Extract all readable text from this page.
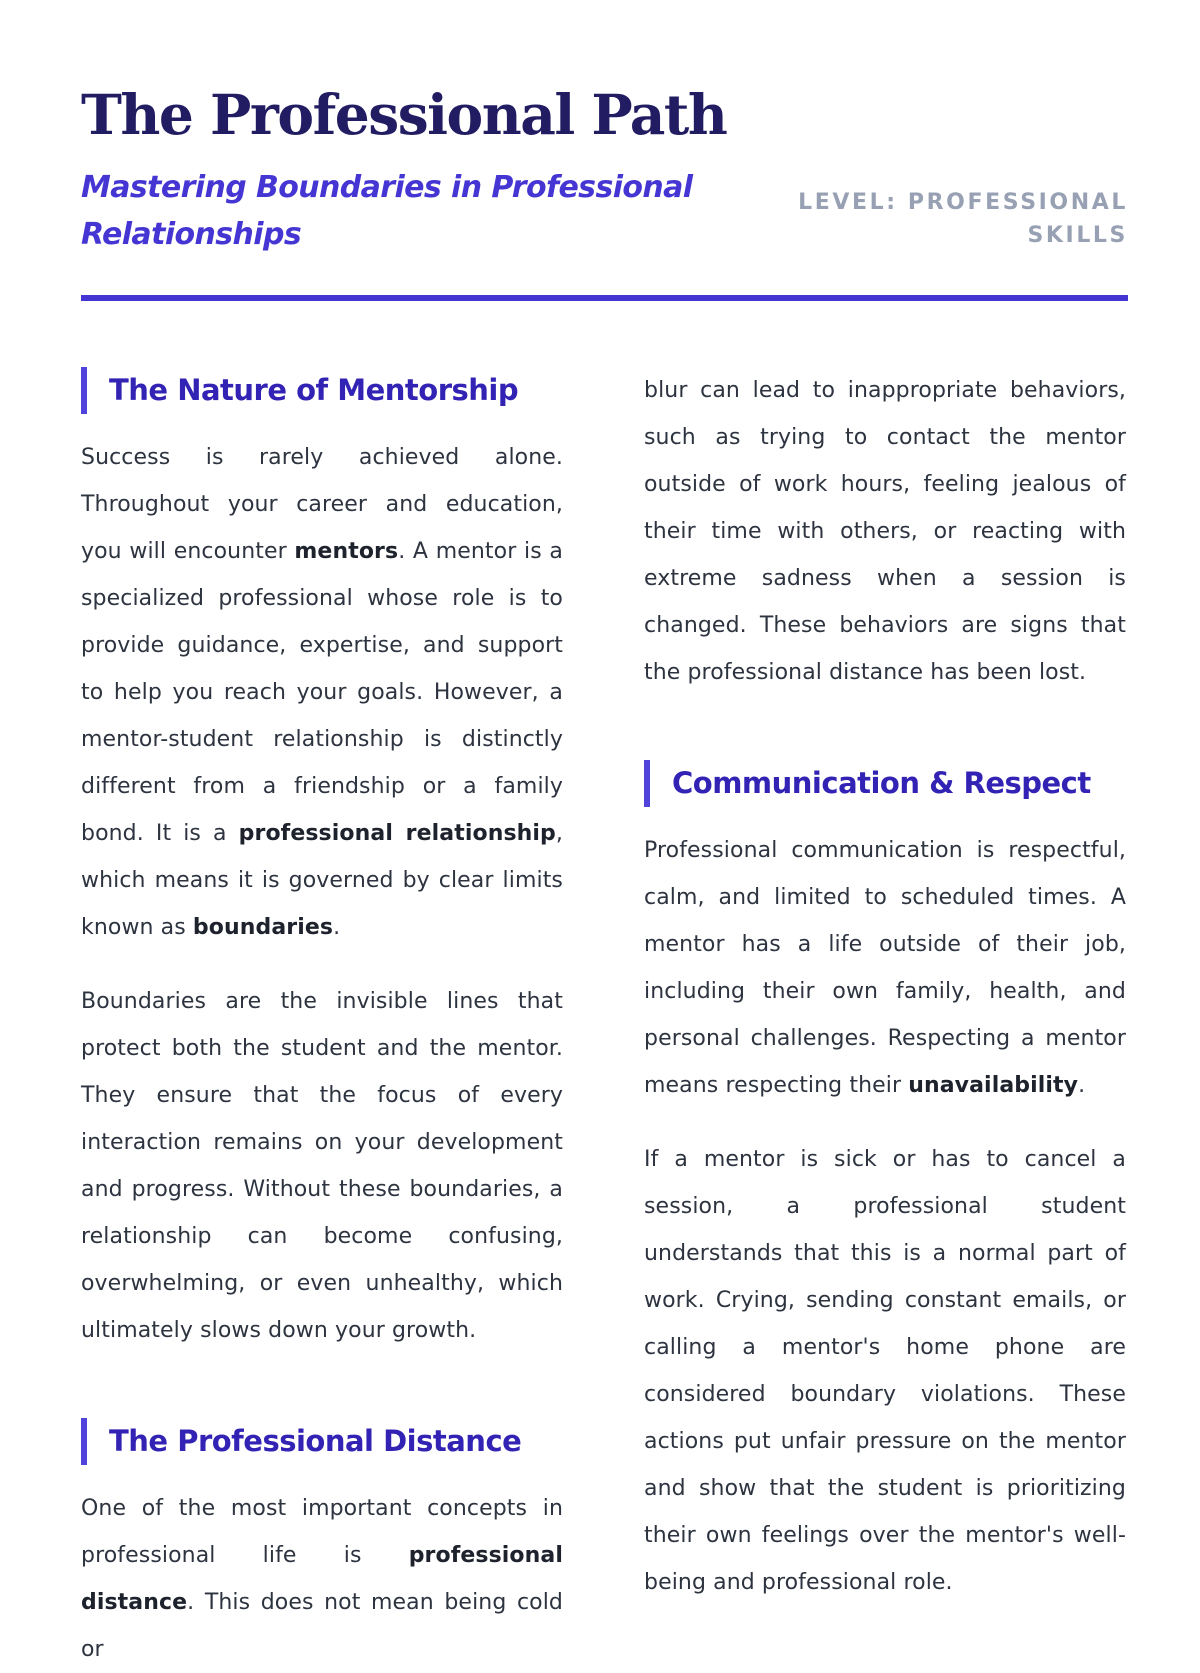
The Professional Path
Mastering Boundaries in Professional Relationships
LEVEL: PROFESSIONAL SKILLS
The Nature of Mentorship

Success is rarely achieved alone. Throughout your career and education, you will encounter mentors. A mentor is a specialized professional whose role is to provide guidance, expertise, and support to help you reach your goals. However, a mentor-student relationship is distinctly different from a friendship or a family bond. It is a professional relationship, which means it is governed by clear limits known as boundaries.

Boundaries are the invisible lines that protect both the student and the mentor. They ensure that the focus of every interaction remains on your development and progress. Without these boundaries, a relationship can become confusing, overwhelming, or even unhealthy, which ultimately slows down your growth.

The Professional Distance

One of the most important concepts in professional life is professional distance. This does not mean being cold or

blur can lead to inappropriate behaviors, such as trying to contact the mentor outside of work hours, feeling jealous of their time with others, or reacting with extreme sadness when a session is changed. These behaviors are signs that the professional distance has been lost.

Communication & Respect

Professional communication is respectful, calm, and limited to scheduled times. A mentor has a life outside of their job, including their own family, health, and personal challenges. Respecting a mentor means respecting their unavailability.

If a mentor is sick or has to cancel a session, a professional student understands that this is a normal part of work. Crying, sending constant emails, or calling a mentor's home phone are considered boundary violations. These actions put unfair pressure on the mentor and show that the student is prioritizing their own feelings over the mentor's well-being and professional role.
